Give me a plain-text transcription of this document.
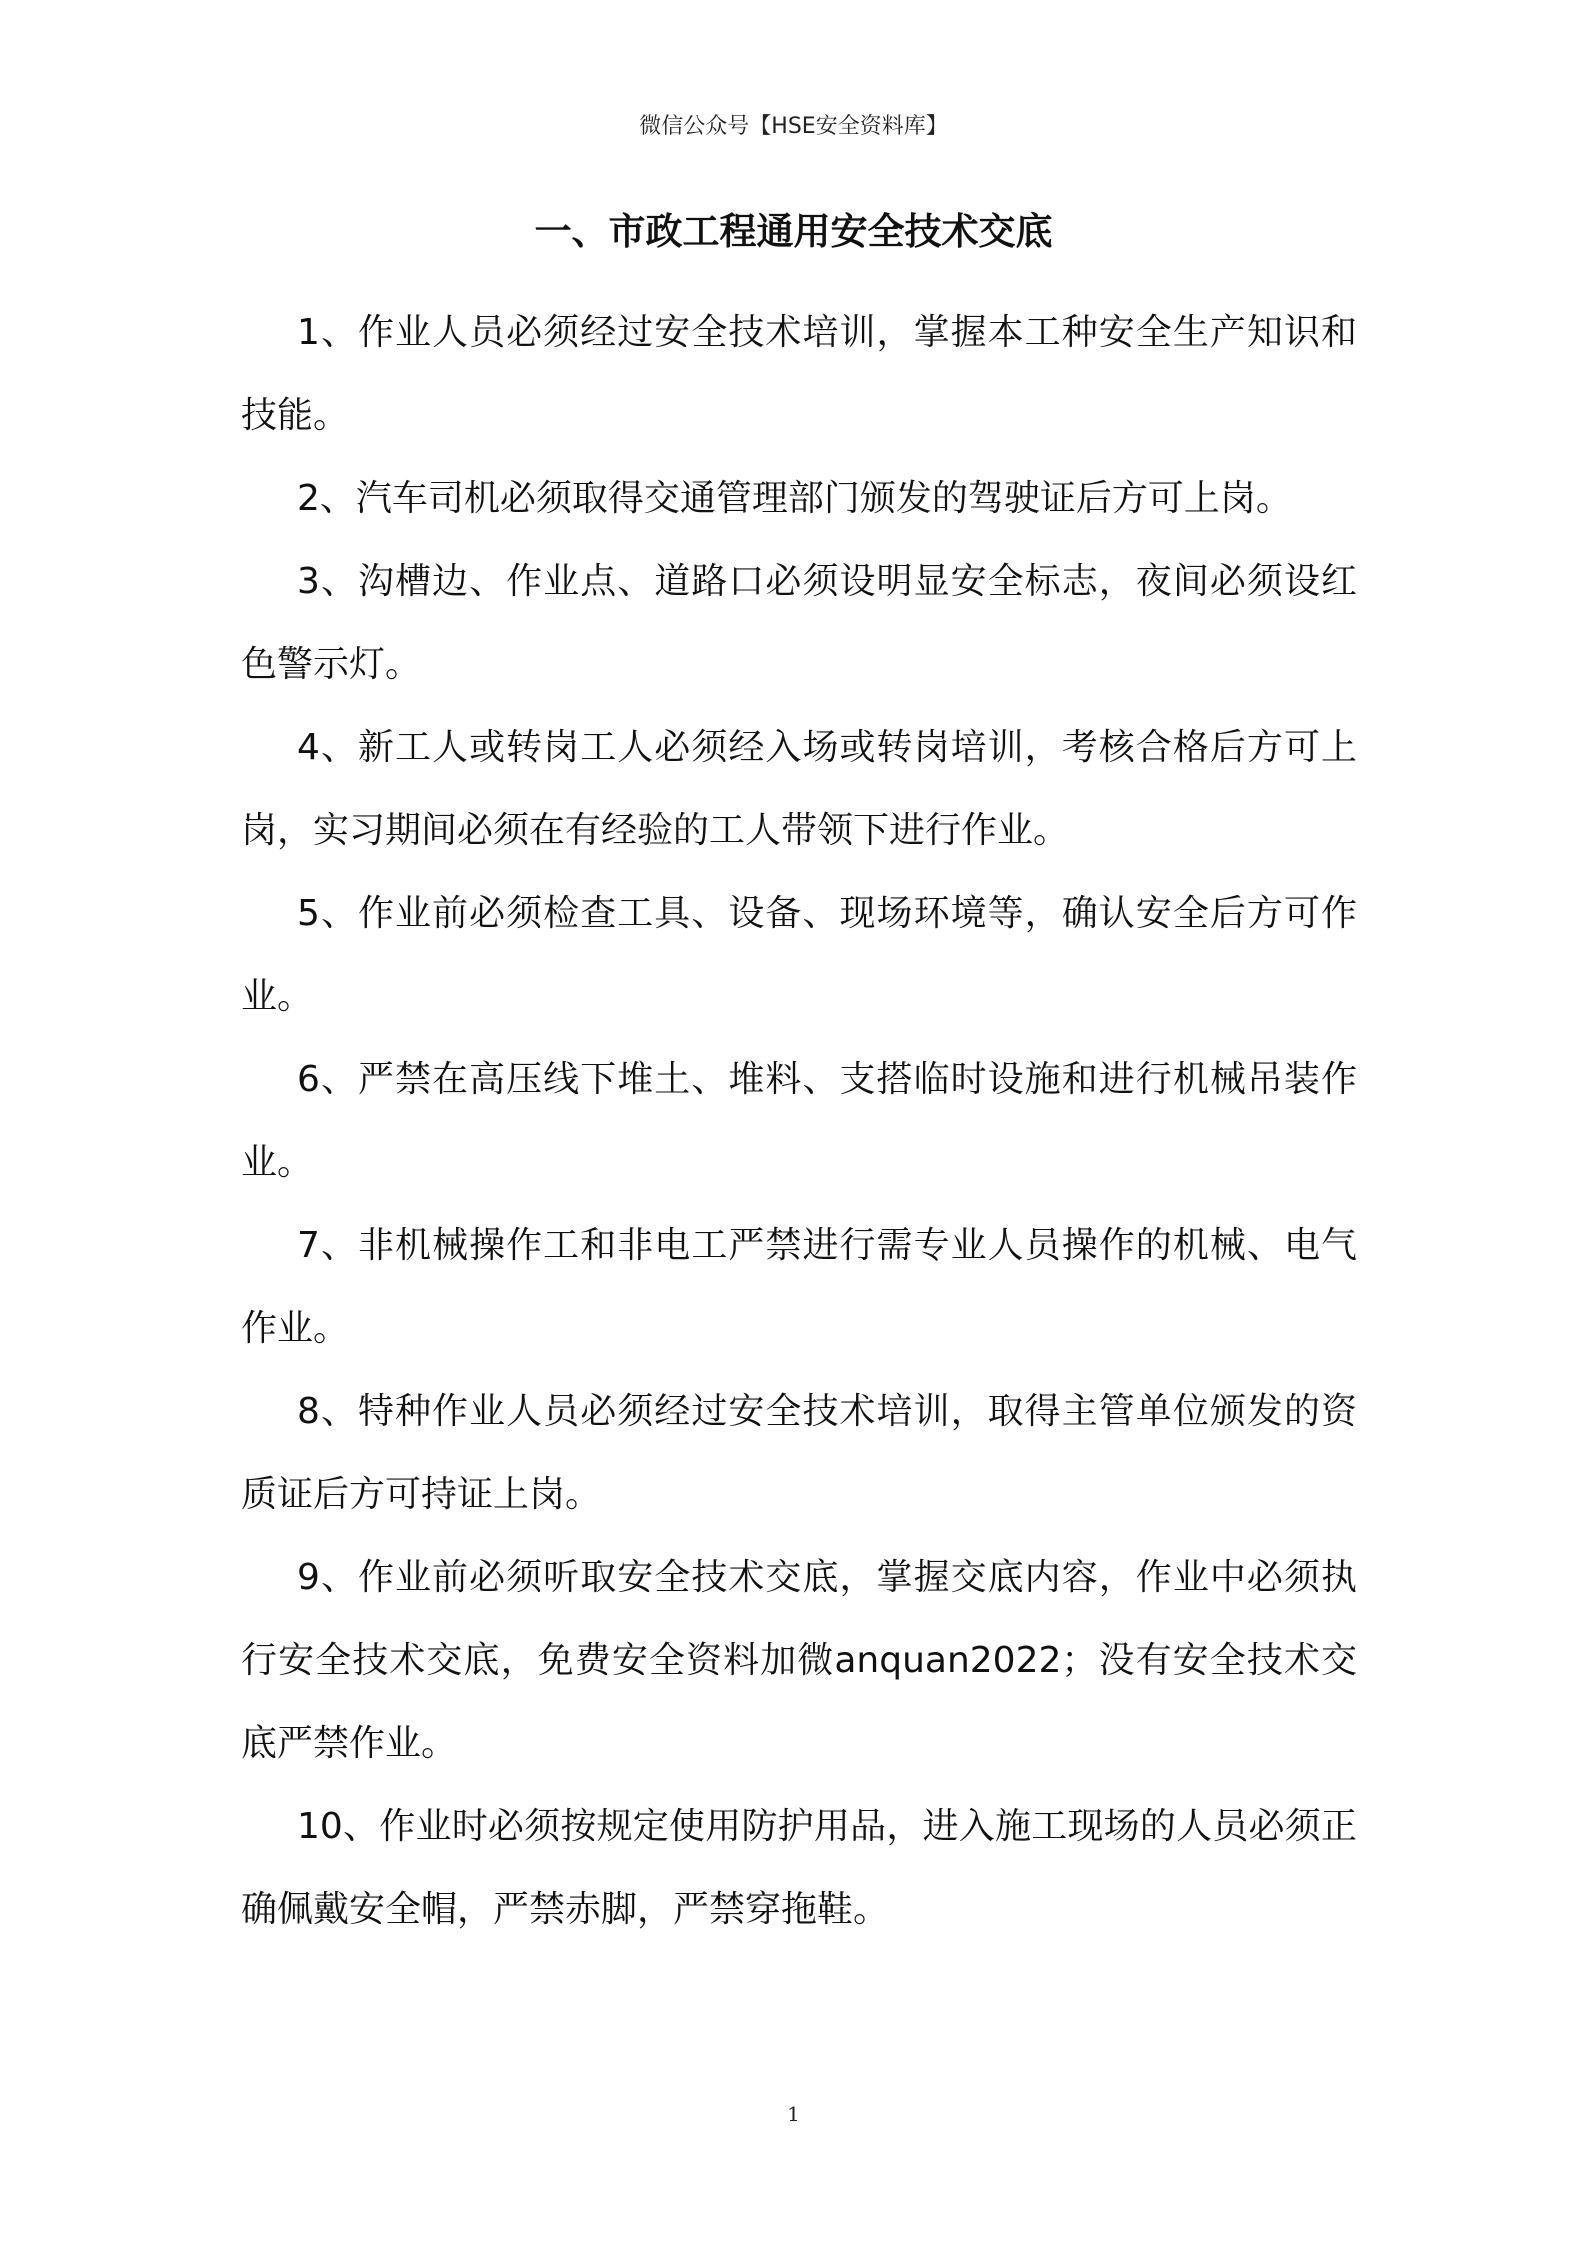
微信公众号【HSE安全资料库】
一、市政工程通用安全技术交底

1、作业人员必须经过安全技术培训，掌握本工种安全生产知识和技能。

2、汽车司机必须取得交通管理部门颁发的驾驶证后方可上岗。

3、沟槽边、作业点、道路口必须设明显安全标志，夜间必须设红色警示灯。

4、新工人或转岗工人必须经入场或转岗培训，考核合格后方可上岗，实习期间必须在有经验的工人带领下进行作业。

5、作业前必须检查工具、设备、现场环境等，确认安全后方可作业。

6、严禁在高压线下堆土、堆料、支搭临时设施和进行机械吊装作业。

7、非机械操作工和非电工严禁进行需专业人员操作的机械、电气作业。

8、特种作业人员必须经过安全技术培训，取得主管单位颁发的资质证后方可持证上岗。

9、作业前必须听取安全技术交底，掌握交底内容，作业中必须执行安全技术交底，免费安全资料加微anquan2022；没有安全技术交底严禁作业。

10、作业时必须按规定使用防护用品，进入施工现场的人员必须正确佩戴安全帽，严禁赤脚，严禁穿拖鞋。

1
